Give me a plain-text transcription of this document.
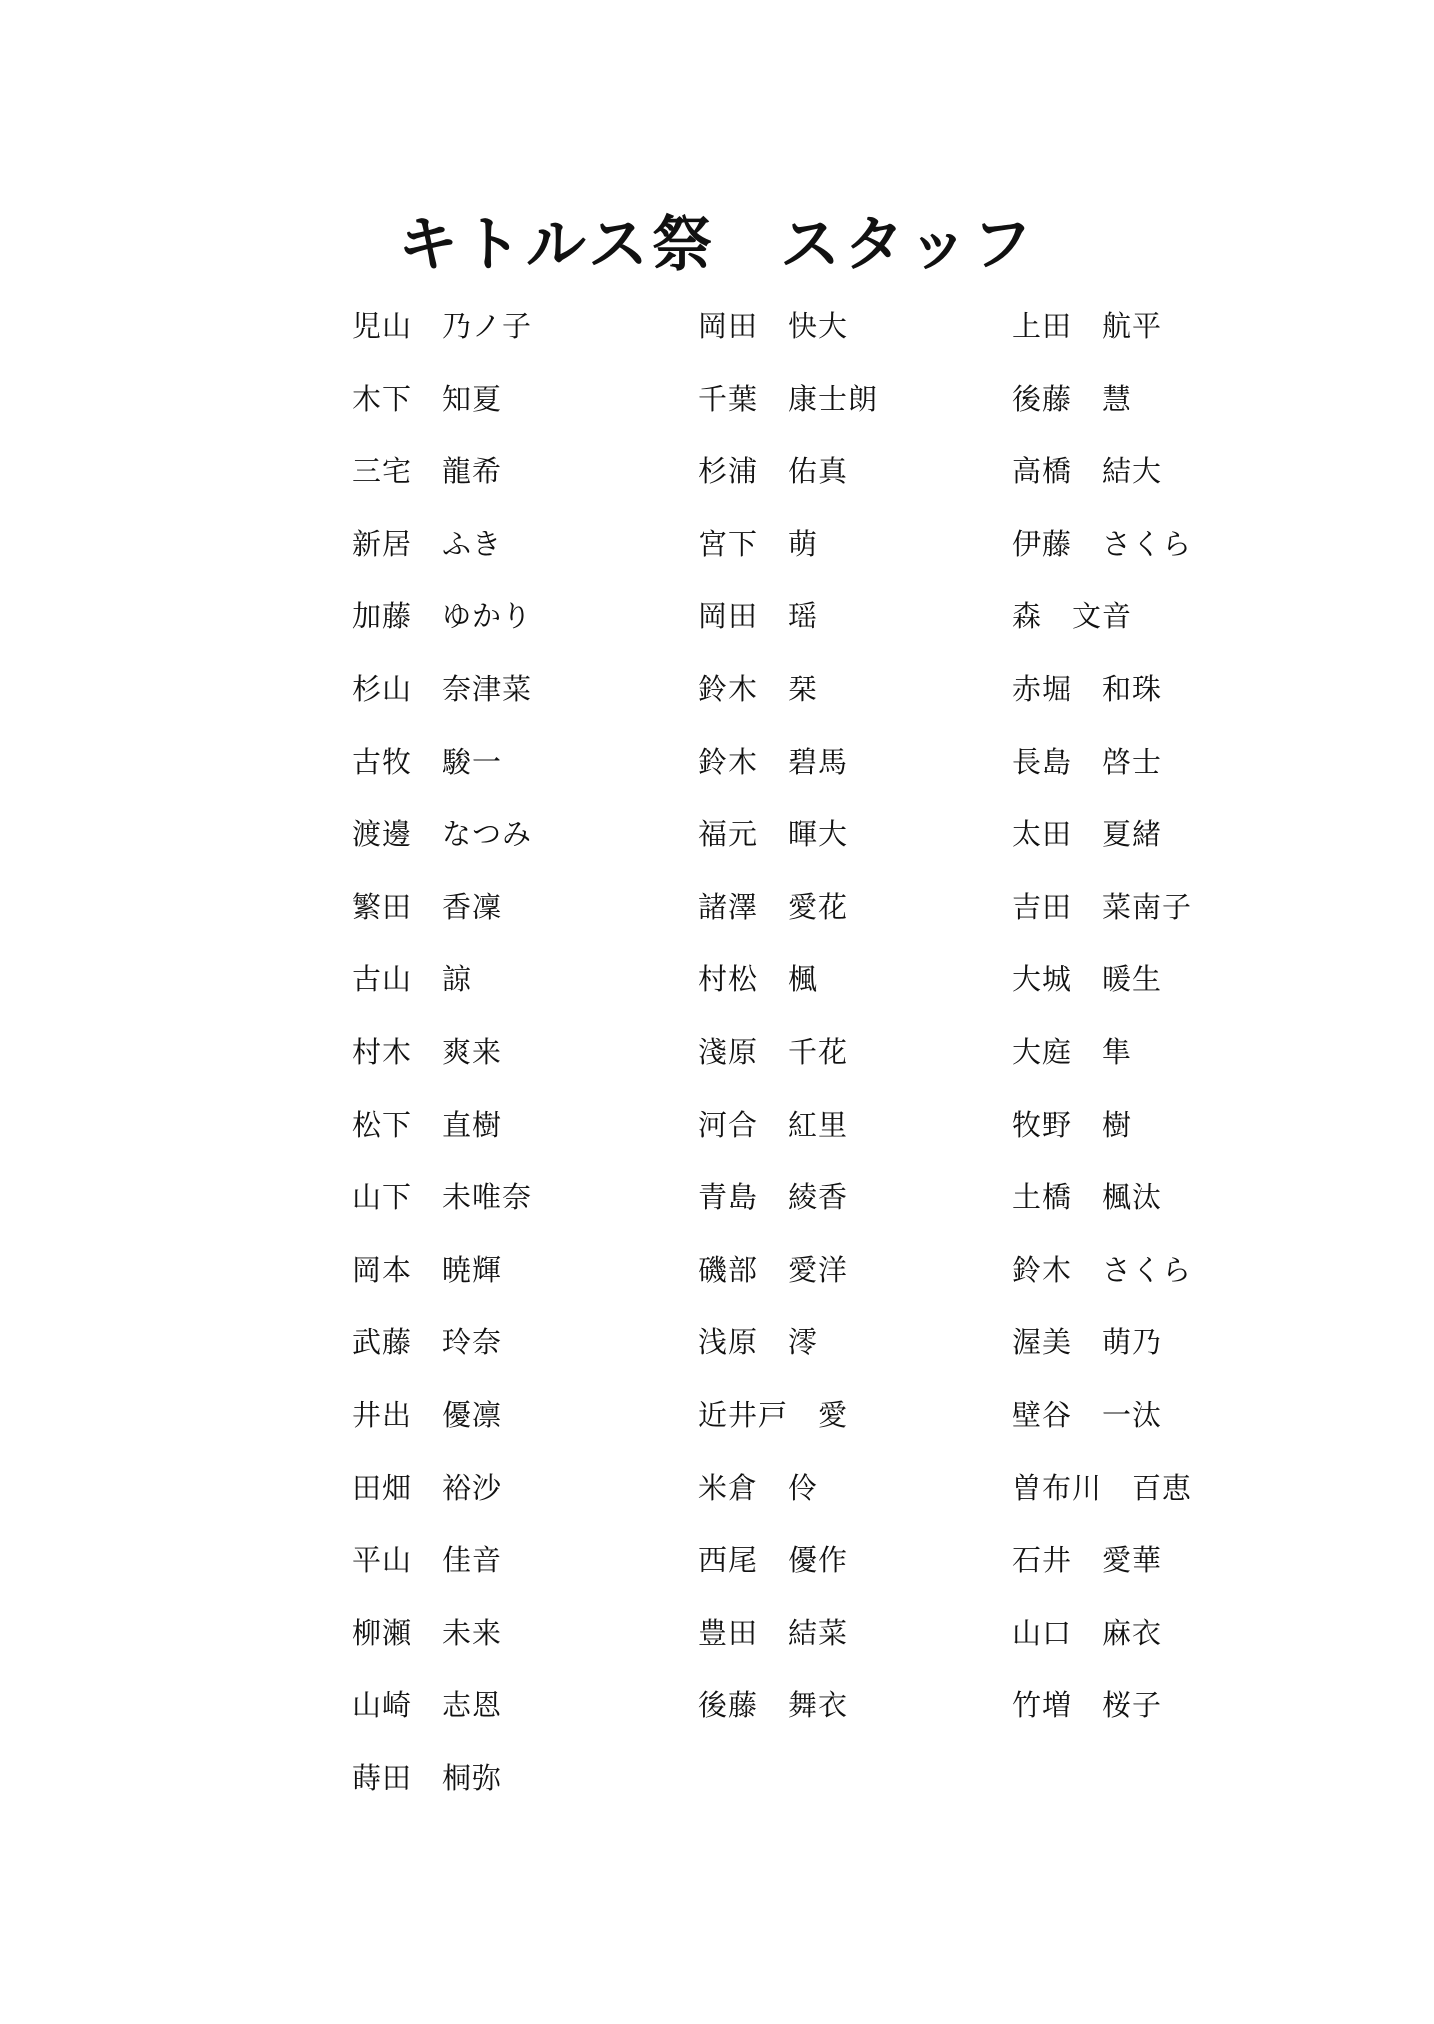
キトルス祭　スタッフ
児山　乃ノ子
木下　知夏
三宅　龍希
新居　ふき
加藤　ゆかり
杉山　奈津菜
古牧　駿一
渡邊　なつみ
繁田　香凜
古山　諒
村木　爽来
松下　直樹
山下　未唯奈
岡本　暁輝
武藤　玲奈
井出　優凛
田畑　裕沙
平山　佳音
柳瀬　未来
山崎　志恩
蒔田　桐弥
岡田　快大
千葉　康士朗
杉浦　佑真
宮下　萌
岡田　瑶
鈴木　栞
鈴木　碧馬
福元　暉大
諸澤　愛花
村松　楓
淺原　千花
河合　紅里
青島　綾香
磯部　愛洋
浅原　澪
近井戸　愛
米倉　伶
西尾　優作
豊田　結菜
後藤　舞衣
上田　航平
後藤　慧
高橋　結大
伊藤　さくら
森　文音
赤堀　和珠
長島　啓士
太田　夏緒
吉田　菜南子
大城　暖生
大庭　隼
牧野　樹
土橋　楓汰
鈴木　さくら
渥美　萌乃
壁谷　一汰
曽布川　百恵
石井　愛華
山口　麻衣
竹増　桜子
